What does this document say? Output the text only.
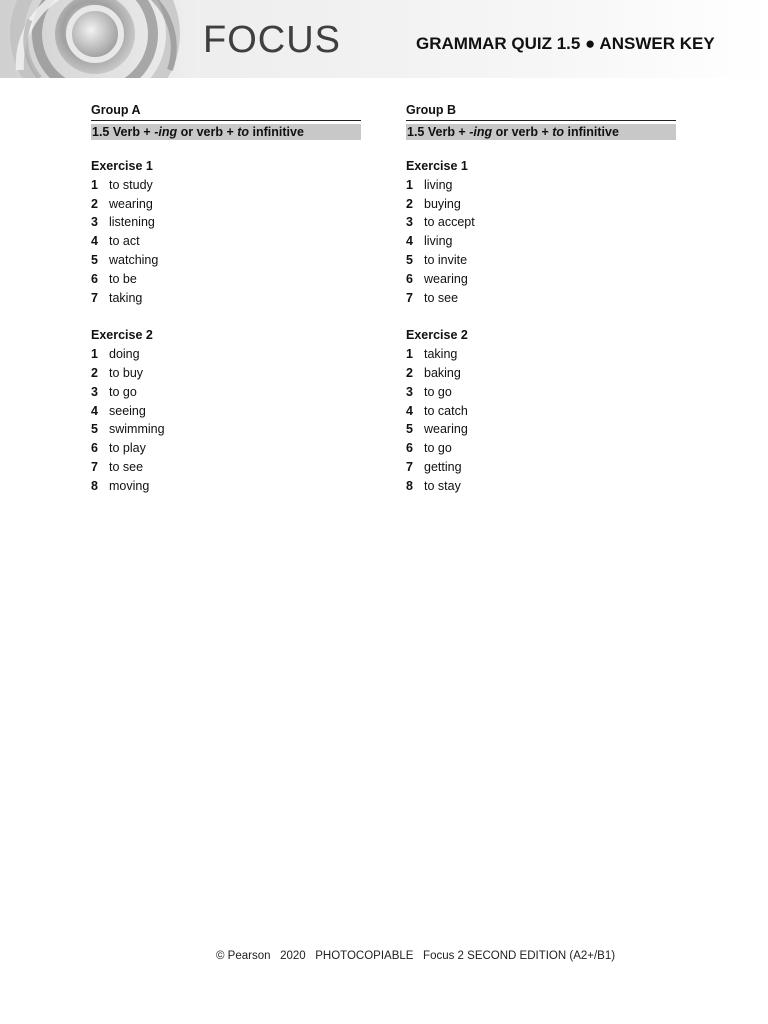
FOCUS	GRAMMAR QUIZ 1.5 ● ANSWER KEY
Group A
1.5 Verb + -ing or verb + to infinitive
Exercise 1
1 to study
2 wearing
3 listening
4 to act
5 watching
6 to be
7 taking
Exercise 2
1 doing
2 to buy
3 to go
4 seeing
5 swimming
6 to play
7 to see
8 moving
Group B
1.5 Verb + -ing or verb + to infinitive
Exercise 1
1 living
2 buying
3 to accept
4 living
5 to invite
6 wearing
7 to see
Exercise 2
1 taking
2 baking
3 to go
4 to catch
5 wearing
6 to go
7 getting
8 to stay
© Pearson   2020   PHOTOCOPIABLE   Focus 2 SECOND EDITION (A2+/B1)
